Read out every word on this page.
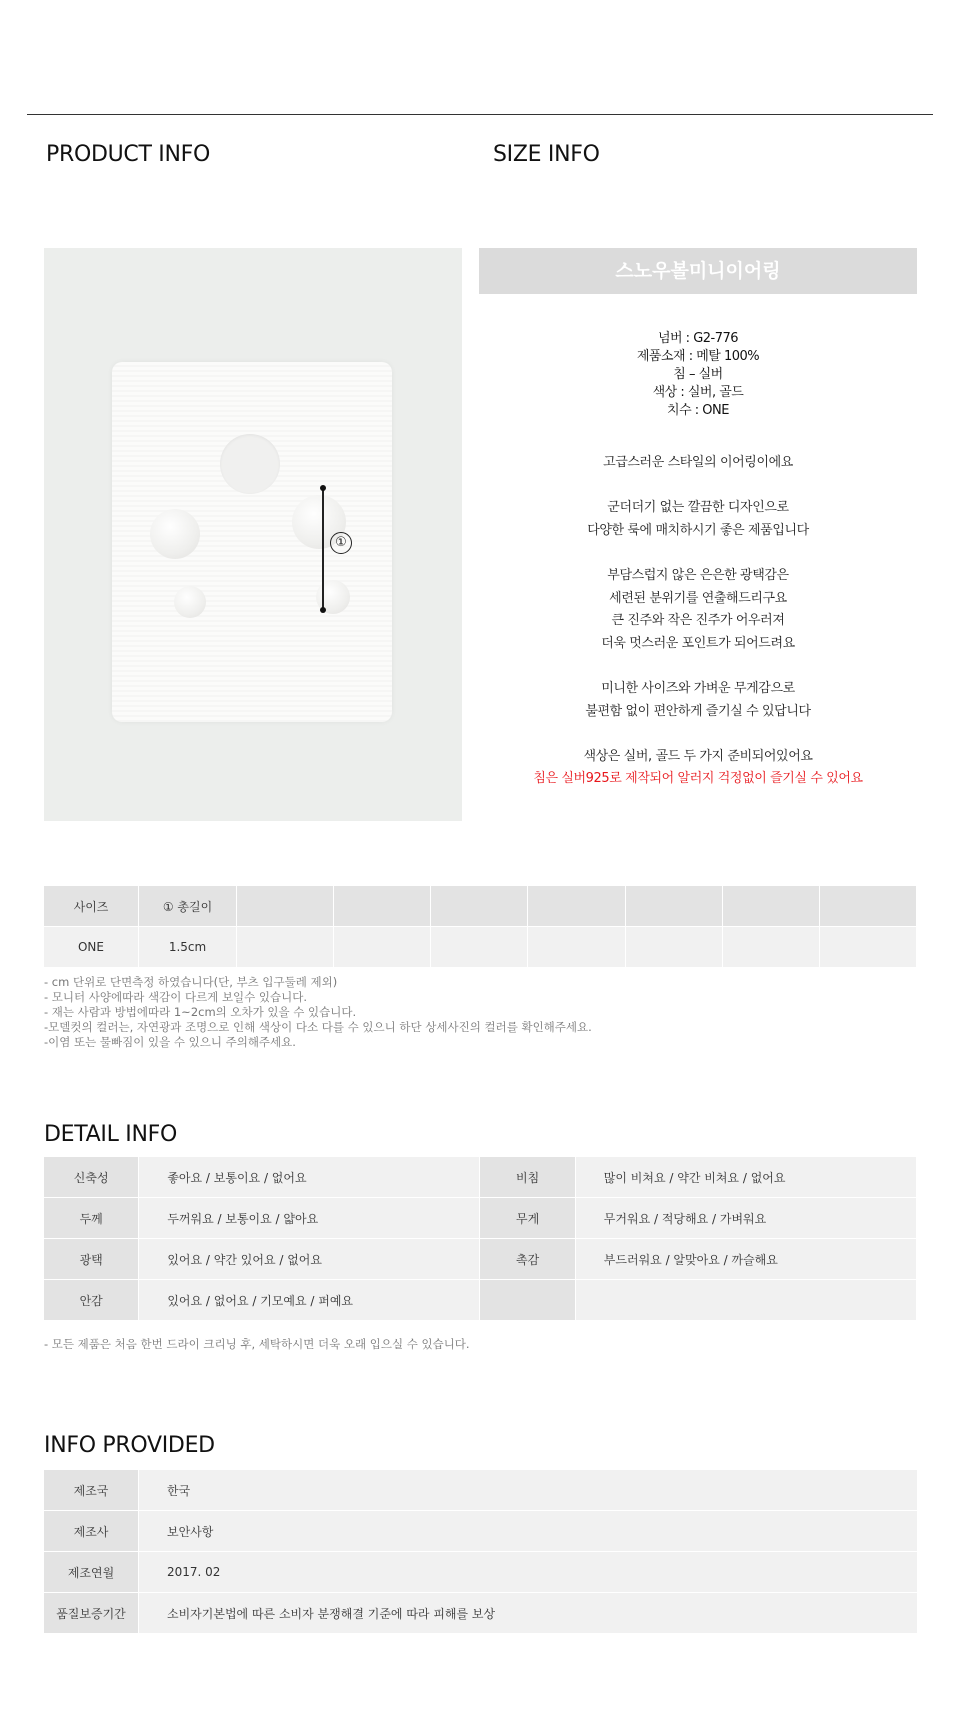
PRODUCT INFO	SIZE INFO
①
스노우볼미니이어링
넘버 : G2-776
제품소재 : 메탈 100%
침 – 실버
색상 : 실버, 골드
치수 : ONE
고급스러운 스타일의 이어링이에요
군더더기 없는 깔끔한 디자인으로
다양한 룩에 매치하시기 좋은 제품입니다
부담스럽지 않은 은은한 광택감은
세련된 분위기를 연출해드리구요
큰 진주와 작은 진주가 어우러져
더욱 멋스러운 포인트가 되어드려요
미니한 사이즈와 가벼운 무게감으로
불편함 없이 편안하게 즐기실 수 있답니다
색상은 실버, 골드 두 가지 준비되어있어요
침은 실버925로 제작되어 알러지 걱정없이 즐기실 수 있어요
사이즈	① 총길이							
ONE	1.5cm							
- cm 단위로 단면측정 하였습니다(단, 부츠 입구둘레 제외)
- 모니터 사양에따라 색감이 다르게 보일수 있습니다.
- 재는 사람과 방법에따라 1~2cm의 오차가 있을 수 있습니다.
-모델컷의 컬러는, 자연광과 조명으로 인해 색상이 다소 다를 수 있으니 하단 상세사진의 컬러를 확인해주세요.
-이염 또는 물빠짐이 있을 수 있으니 주의해주세요.
DETAIL INFO
신축성	좋아요 / 보통이요 / 없어요	비침	많이 비쳐요 / 약간 비쳐요 / 없어요
두께	두꺼워요 / 보통이요 / 얇아요	무게	무거워요 / 적당해요 / 가벼워요
광택	있어요 / 약간 있어요 / 없어요	촉감	부드러워요 / 알맞아요 / 까슬해요
안감	있어요 / 없어요 / 기모예요 / 퍼예요		
- 모든 제품은 처음 한번 드라이 크리닝 후, 세탁하시면 더욱 오래 입으실 수 있습니다.
INFO PROVIDED
제조국	한국
제조사	보안사항
제조연월	2017. 02
품질보증기간	소비자기본법에 따른 소비자 분쟁해결 기준에 따라 피해를 보상
